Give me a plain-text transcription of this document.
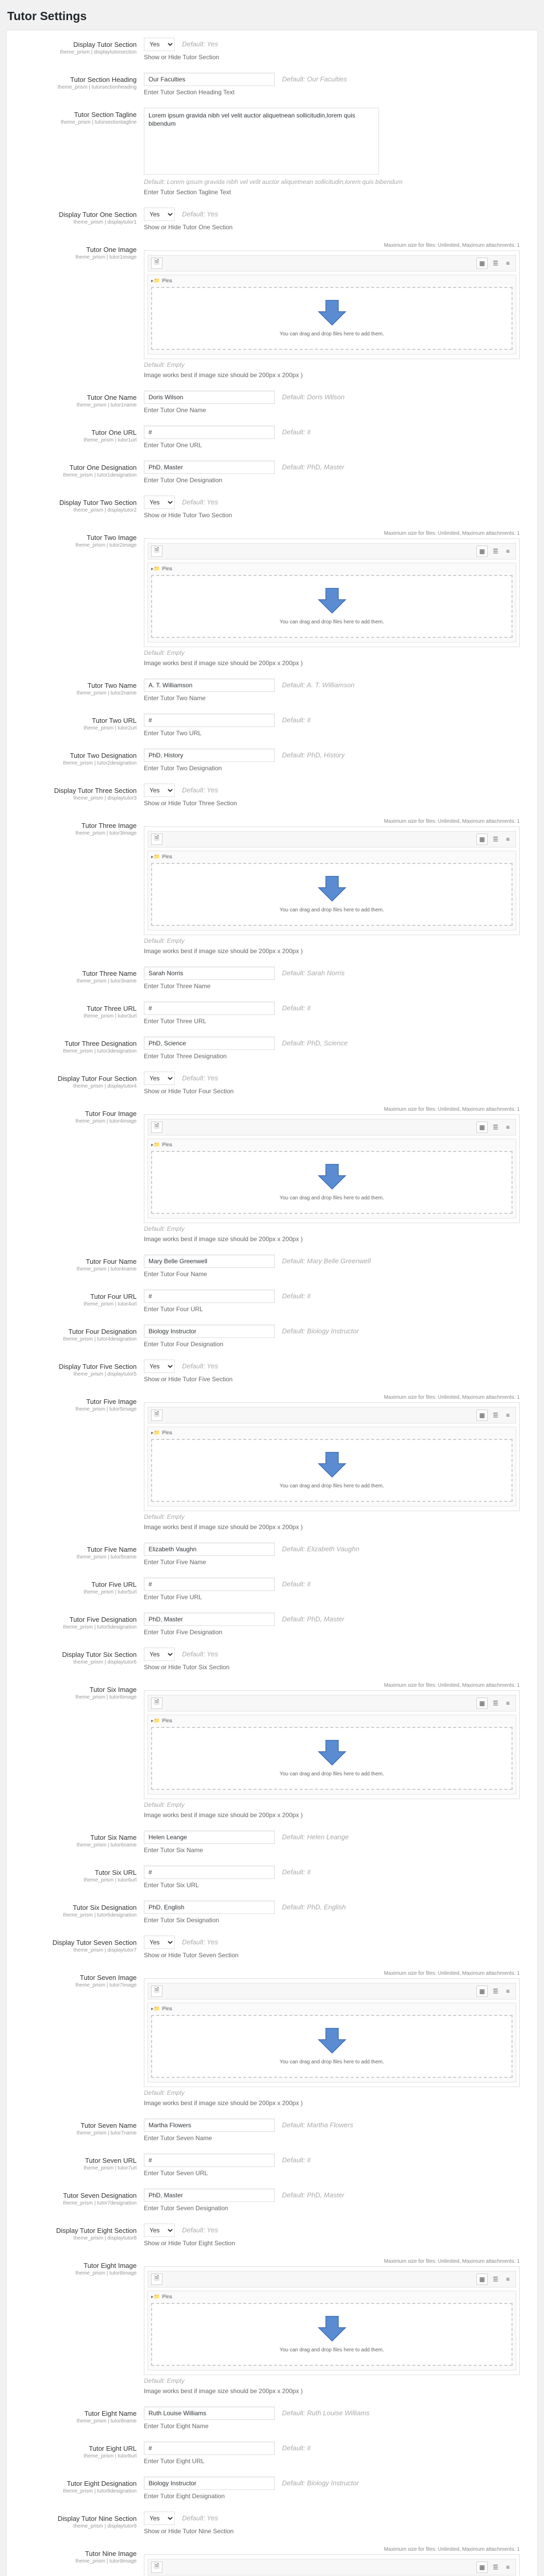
Tutor Settings
Display Tutor Section
theme_prism | displaytutorsection
Yes
Default: Yes
Show or Hide Tutor Section
Tutor Section Heading
theme_prism | tutorsectionheading
Our Faculties
Default: Our Faculties
Enter Tutor Section Heading Text
Tutor Section Tagline
theme_prism | tutorsectiontagline
Lorem ipsum gravida nibh vel velit auctor aliquetnean sollicitudin,lorem quis bibendum
Default: Lorem ipsum gravida nibh vel velit auctor aliquetnean sollicitudin,lorem quis bibendum
Enter Tutor Section Tagline Text
Display Tutor One Section
theme_prism | displaytutor1
Yes
Default: Yes
Show or Hide Tutor One Section
Tutor One Image
theme_prism | tutor1image
Maximum size for files: Unlimited, Maximum attachments: 1
🗎	▦	☰	≡
▸📁 Pins
You can drag and drop files here to add them.
Default: Empty
Image works best if image size should be 200px x 200px )
Tutor One Name
theme_prism | tutor1name
Doris Wilson
Default: Doris Wilson
Enter Tutor One Name
Tutor One URL
theme_prism | tutor1url
#
Default: #
Enter Tutor One URL
Tutor One Designation
theme_prism | tutor1designation
PhD, Master
Default: PhD, Master
Enter Tutor One Designation
Display Tutor Two Section
theme_prism | displaytutor2
Yes
Default: Yes
Show or Hide Tutor Two Section
Tutor Two Image
theme_prism | tutor2image
Maximum size for files: Unlimited, Maximum attachments: 1
🗎	▦	☰	≡
▸📁 Pins
You can drag and drop files here to add them.
Default: Empty
Image works best if image size should be 200px x 200px )
Tutor Two Name
theme_prism | tutor2name
A. T. Williamson
Default: A. T. Williamson
Enter Tutor Two Name
Tutor Two URL
theme_prism | tutor2url
#
Default: #
Enter Tutor Two URL
Tutor Two Designation
theme_prism | tutor2designation
PhD, History
Default: PhD, History
Enter Tutor Two Designation
Display Tutor Three Section
theme_prism | displaytutor3
Yes
Default: Yes
Show or Hide Tutor Three Section
Tutor Three Image
theme_prism | tutor3image
Maximum size for files: Unlimited, Maximum attachments: 1
🗎	▦	☰	≡
▸📁 Pins
You can drag and drop files here to add them.
Default: Empty
Image works best if image size should be 200px x 200px )
Tutor Three Name
theme_prism | tutor3name
Sarah Norris
Default: Sarah Norris
Enter Tutor Three Name
Tutor Three URL
theme_prism | tutor3url
#
Default: #
Enter Tutor Three URL
Tutor Three Designation
theme_prism | tutor3designation
PhD, Science
Default: PhD, Science
Enter Tutor Three Designation
Display Tutor Four Section
theme_prism | displaytutor4
Yes
Default: Yes
Show or Hide Tutor Four Section
Tutor Four Image
theme_prism | tutor4image
Maximum size for files: Unlimited, Maximum attachments: 1
🗎	▦	☰	≡
▸📁 Pins
You can drag and drop files here to add them.
Default: Empty
Image works best if image size should be 200px x 200px )
Tutor Four Name
theme_prism | tutor4name
Mary Belle Greenwell
Default: Mary Belle Greenwell
Enter Tutor Four Name
Tutor Four URL
theme_prism | tutor4url
#
Default: #
Enter Tutor Four URL
Tutor Four Designation
theme_prism | tutor4designation
Biology Instructor
Default: Biology Instructor
Enter Tutor Four Designation
Display Tutor Five Section
theme_prism | displaytutor5
Yes
Default: Yes
Show or Hide Tutor Five Section
Tutor Five Image
theme_prism | tutor5image
Maximum size for files: Unlimited, Maximum attachments: 1
🗎	▦	☰	≡
▸📁 Pins
You can drag and drop files here to add them.
Default: Empty
Image works best if image size should be 200px x 200px )
Tutor Five Name
theme_prism | tutor5name
Elizabeth Vaughn
Default: Elizabeth Vaughn
Enter Tutor Five Name
Tutor Five URL
theme_prism | tutor5url
#
Default: #
Enter Tutor Five URL
Tutor Five Designation
theme_prism | tutor5designation
PhD, Master
Default: PhD, Master
Enter Tutor Five Designation
Display Tutor Six Section
theme_prism | displaytutor6
Yes
Default: Yes
Show or Hide Tutor Six Section
Tutor Six Image
theme_prism | tutor6image
Maximum size for files: Unlimited, Maximum attachments: 1
🗎	▦	☰	≡
▸📁 Pins
You can drag and drop files here to add them.
Default: Empty
Image works best if image size should be 200px x 200px )
Tutor Six Name
theme_prism | tutor6name
Helen Leange
Default: Helen Leange
Enter Tutor Six Name
Tutor Six URL
theme_prism | tutor6url
#
Default: #
Enter Tutor Six URL
Tutor Six Designation
theme_prism | tutor6designation
PhD, English
Default: PhD, English
Enter Tutor Six Designation
Display Tutor Seven Section
theme_prism | displaytutor7
Yes
Default: Yes
Show or Hide Tutor Seven Section
Tutor Seven Image
theme_prism | tutor7image
Maximum size for files: Unlimited, Maximum attachments: 1
🗎	▦	☰	≡
▸📁 Pins
You can drag and drop files here to add them.
Default: Empty
Image works best if image size should be 200px x 200px )
Tutor Seven Name
theme_prism | tutor7name
Martha Flowers
Default: Martha Flowers
Enter Tutor Seven Name
Tutor Seven URL
theme_prism | tutor7url
#
Default: #
Enter Tutor Seven URL
Tutor Seven Designation
theme_prism | tutor7designation
PhD, Master
Default: PhD, Master
Enter Tutor Seven Designation
Display Tutor Eight Section
theme_prism | displaytutor8
Yes
Default: Yes
Show or Hide Tutor Eight Section
Tutor Eight Image
theme_prism | tutor8image
Maximum size for files: Unlimited, Maximum attachments: 1
🗎	▦	☰	≡
▸📁 Pins
You can drag and drop files here to add them.
Default: Empty
Image works best if image size should be 200px x 200px )
Tutor Eight Name
theme_prism | tutor8name
Ruth Louise Williams
Default: Ruth Louise Williams
Enter Tutor Eight Name
Tutor Eight URL
theme_prism | tutor8url
#
Default: #
Enter Tutor Eight URL
Tutor Eight Designation
theme_prism | tutor8designation
Biology Instructor
Default: Biology Instructor
Enter Tutor Eight Designation
Display Tutor Nine Section
theme_prism | displaytutor9
Yes
Default: Yes
Show or Hide Tutor Nine Section
Tutor Nine Image
theme_prism | tutor9image
Maximum size for files: Unlimited, Maximum attachments: 1
🗎	▦	☰	≡
